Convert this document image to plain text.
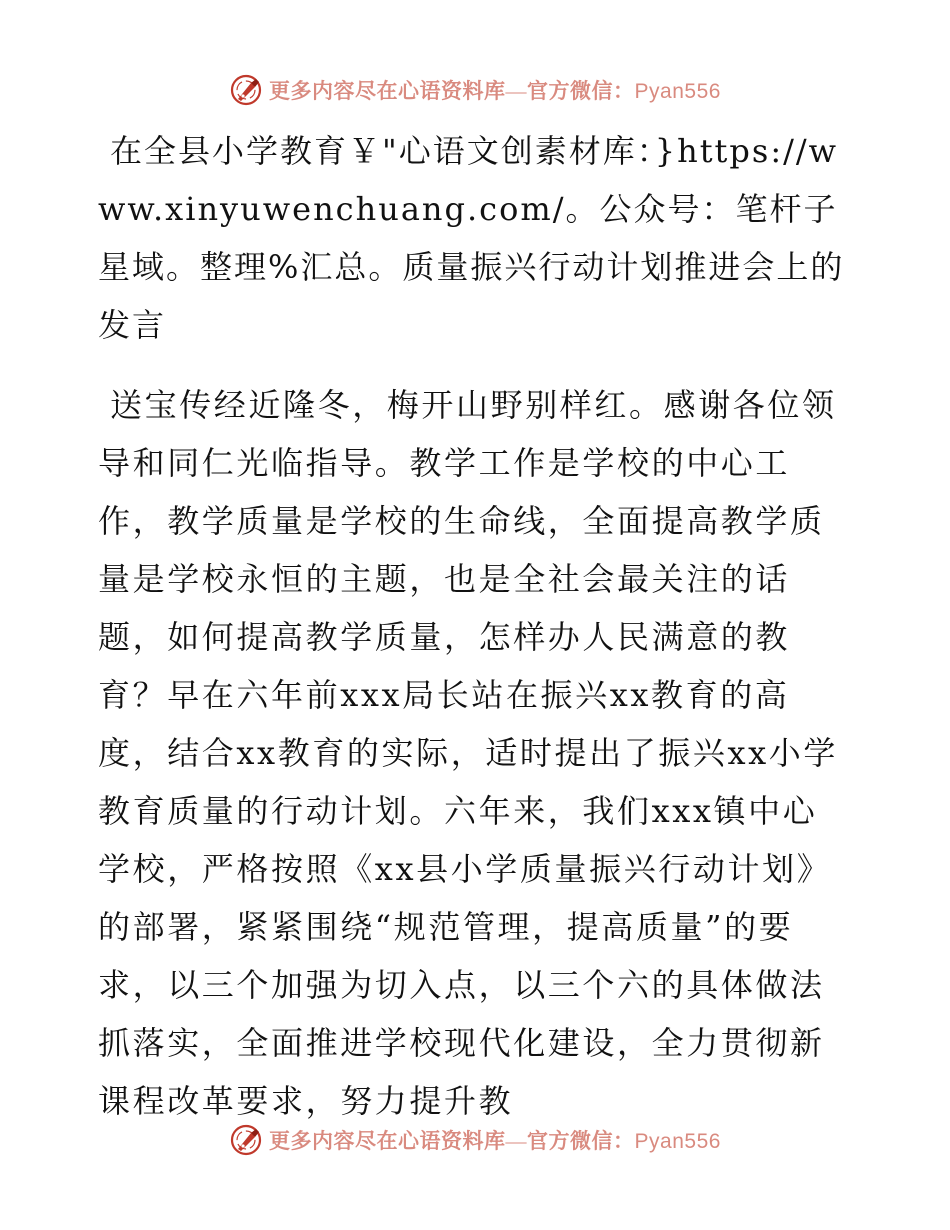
更多内容尽在心语资料库—官方微信：Pyan556

在全县小学教育￥"心语文创素材库：}https://www.xinyuwenchuang.com/。公众号：笔杆子星域。整理%汇总。质量振兴行动计划推进会上的发言

送宝传经近隆冬，梅开山野别样红。感谢各位领导和同仁光临指导。教学工作是学校的中心工作，教学质量是学校的生命线，全面提高教学质量是学校永恒的主题，也是全社会最关注的话题，如何提高教学质量，怎样办人民满意的教育？早在六年前xxx局长站在振兴xx教育的高度，结合xx教育的实际，适时提出了振兴xx小学教育质量的行动计划。六年来，我们xxx镇中心学校，严格按照《xx县小学质量振兴行动计划》的部署，紧紧围绕“规范管理，提高质量”的要求，以三个加强为切入点，以三个六的具体做法抓落实，全面推进学校现代化建设，全力贯彻新课程改革要求，努力提升教

更多内容尽在心语资料库—官方微信：Pyan556
